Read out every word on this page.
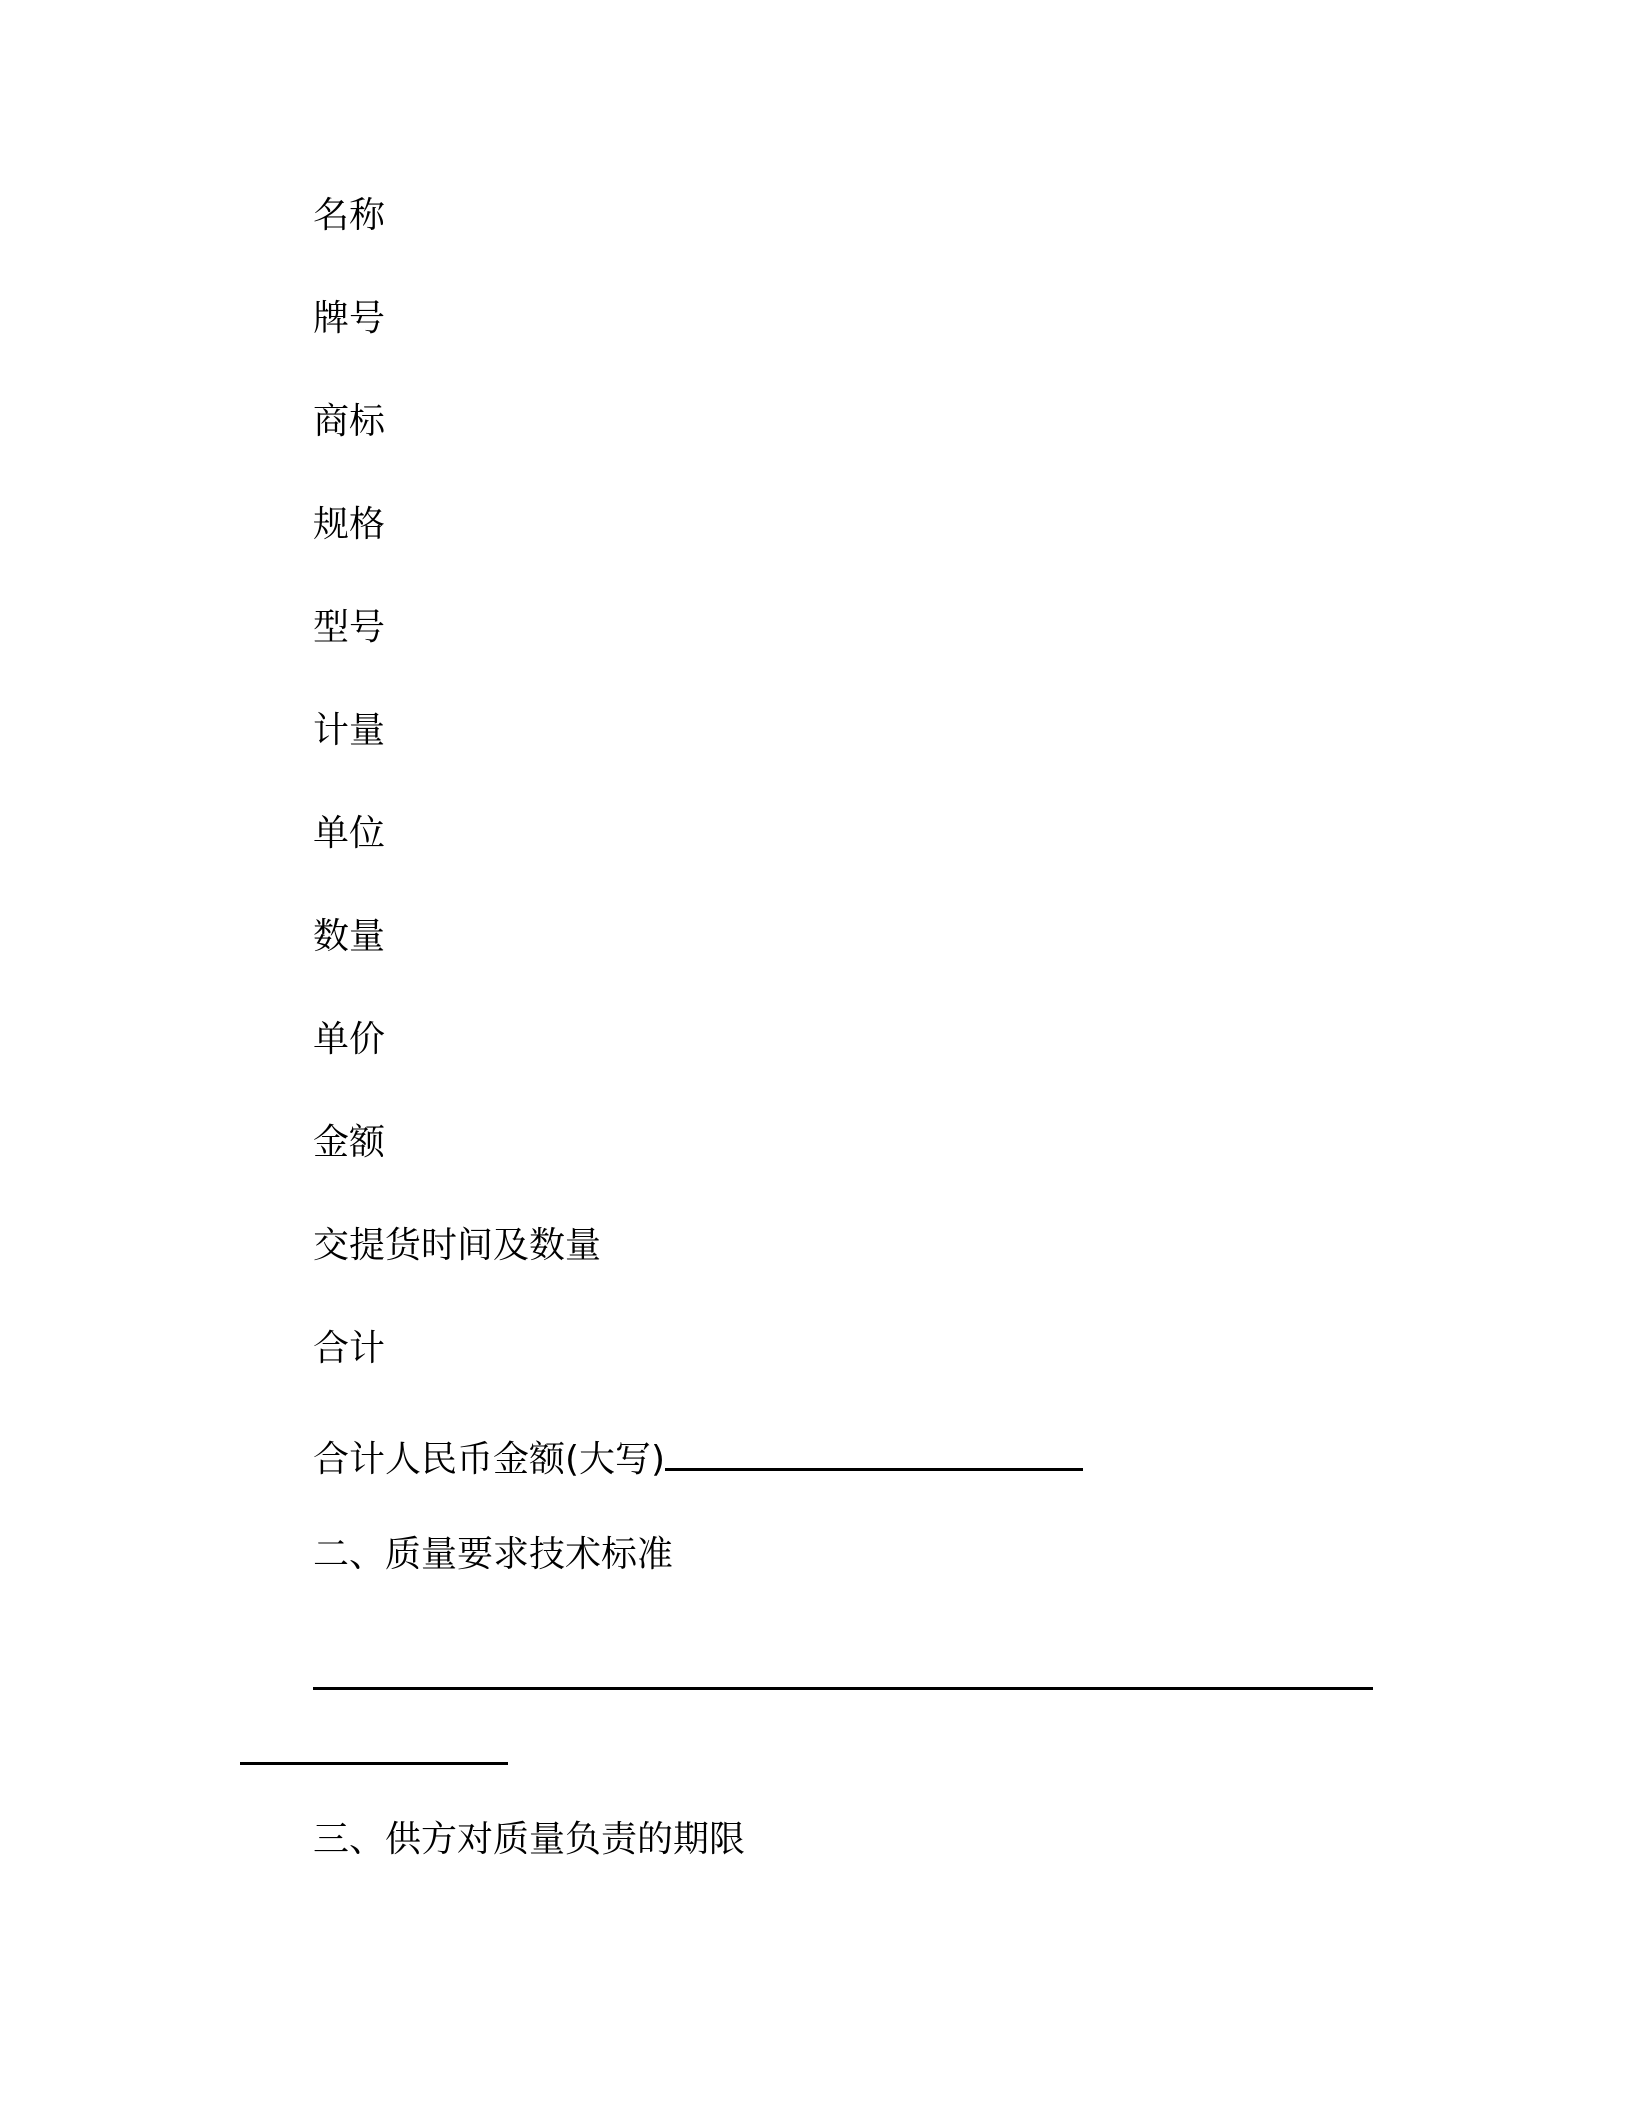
名称
牌号
商标
规格
型号
计量
单位
数量
单价
金额
交提货时间及数量
合计
合计人民币金额(大写)
二、质量要求技术标准
三、供方对质量负责的期限
